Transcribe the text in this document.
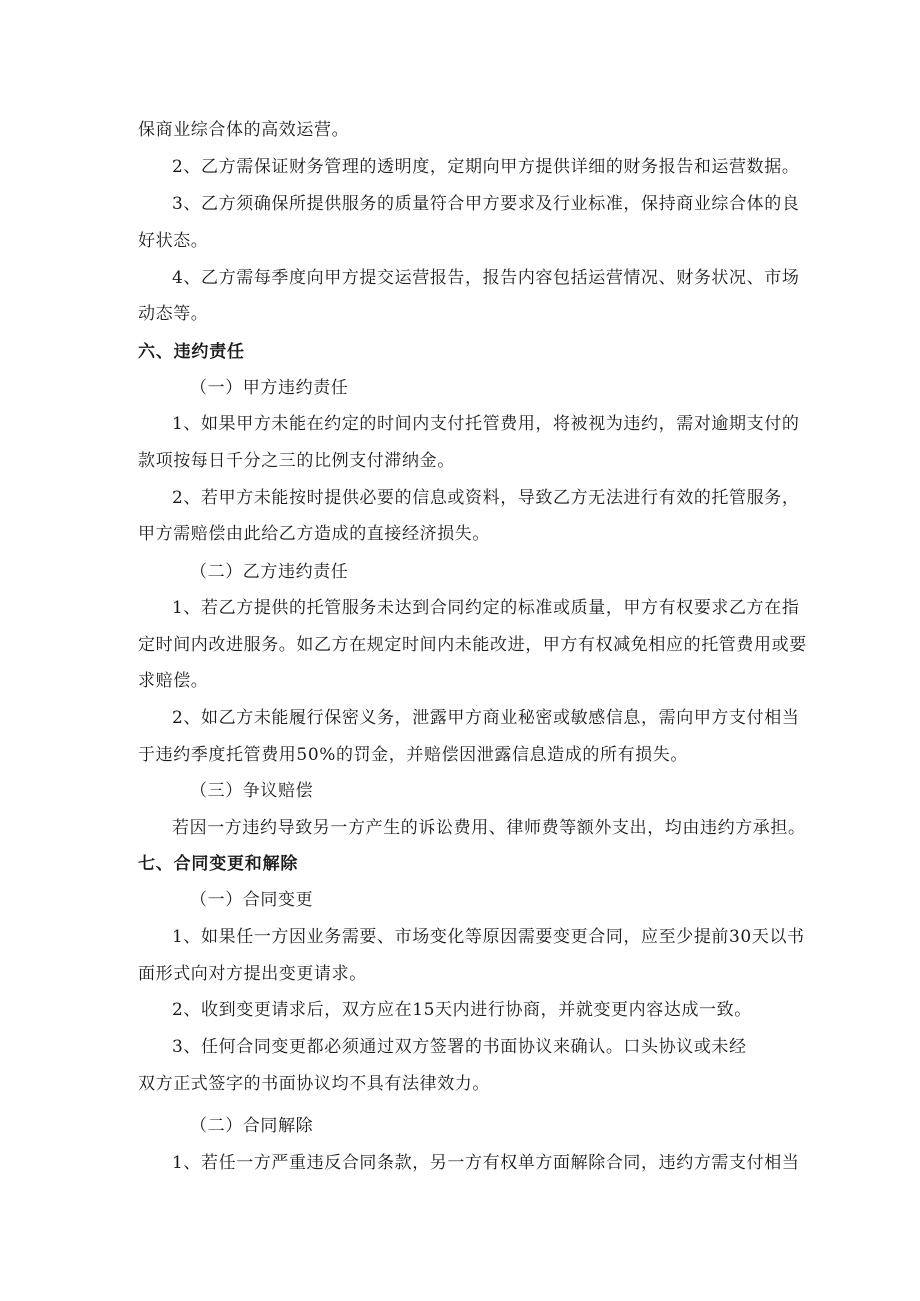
保商业综合体的高效运营。
2、乙方需保证财务管理的透明度，定期向甲方提供详细的财务报告和运营数据。
3、乙方须确保所提供服务的质量符合甲方要求及行业标准，保持商业综合体的良
好状态。
4、乙方需每季度向甲方提交运营报告，报告内容包括运营情况、财务状况、市场
动态等。
六、违约责任
（一）甲方违约责任
1、如果甲方未能在约定的时间内支付托管费用，将被视为违约，需对逾期支付的
款项按每日千分之三的比例支付滞纳金。
2、若甲方未能按时提供必要的信息或资料，导致乙方无法进行有效的托管服务，
甲方需赔偿由此给乙方造成的直接经济损失。
（二）乙方违约责任
1、若乙方提供的托管服务未达到合同约定的标准或质量，甲方有权要求乙方在指
定时间内改进服务。如乙方在规定时间内未能改进，甲方有权减免相应的托管费用或要
求赔偿。
2、如乙方未能履行保密义务，泄露甲方商业秘密或敏感信息，需向甲方支付相当
于违约季度托管费用50%的罚金，并赔偿因泄露信息造成的所有损失。
（三）争议赔偿
若因一方违约导致另一方产生的诉讼费用、律师费等额外支出，均由违约方承担。
七、合同变更和解除
（一）合同变更
1、如果任一方因业务需要、市场变化等原因需要变更合同，应至少提前30天以书
面形式向对方提出变更请求。
2、收到变更请求后，双方应在15天内进行协商，并就变更内容达成一致。
3、任何合同变更都必须通过双方签署的书面协议来确认。口头协议或未经
双方正式签字的书面协议均不具有法律效力。
（二）合同解除
1、若任一方严重违反合同条款，另一方有权单方面解除合同，违约方需支付相当
